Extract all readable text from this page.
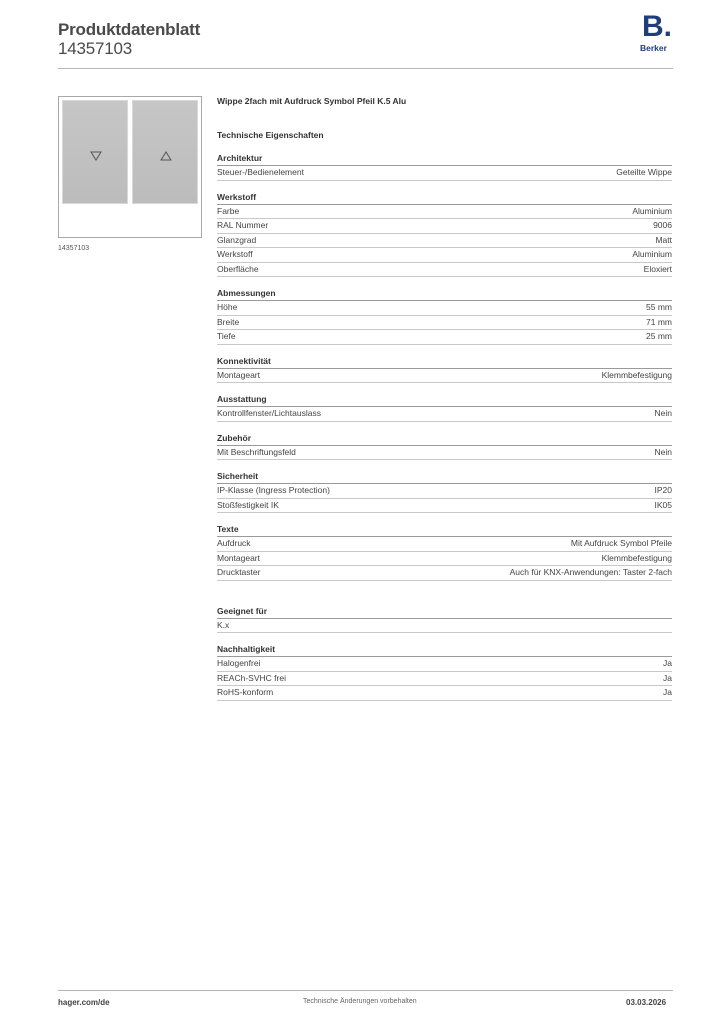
Produktdatenblatt
14357103
B.
Berker
14357103
Wippe 2fach mit Aufdruck Symbol Pfeil K.5 Alu
Technische Eigenschaften
Architektur
Steuer-/Bedienelement	Geteilte Wippe
Werkstoff
Farbe	Aluminium
RAL Nummer	9006
Glanzgrad	Matt
Werkstoff	Aluminium
Oberfläche	Eloxiert
Abmessungen
Höhe	55 mm
Breite	71 mm
Tiefe	25 mm
Konnektivität
Montageart	Klemmbefestigung
Ausstattung
Kontrollfenster/Lichtauslass	Nein
Zubehör
Mit Beschriftungsfeld	Nein
Sicherheit
IP-Klasse (Ingress Protection)	IP20
Stoßfestigkeit IK	IK05
Texte
Aufdruck	Mit Aufdruck Symbol Pfeile
Montageart	Klemmbefestigung
Drucktaster	Auch für KNX-Anwendungen: Taster 2-fach
Geeignet für
K.x
Nachhaltigkeit
Halogenfrei	Ja
REACh-SVHC frei	Ja
RoHS-konform	Ja
hager.com/de	Technische Änderungen vorbehalten	03.03.2026
